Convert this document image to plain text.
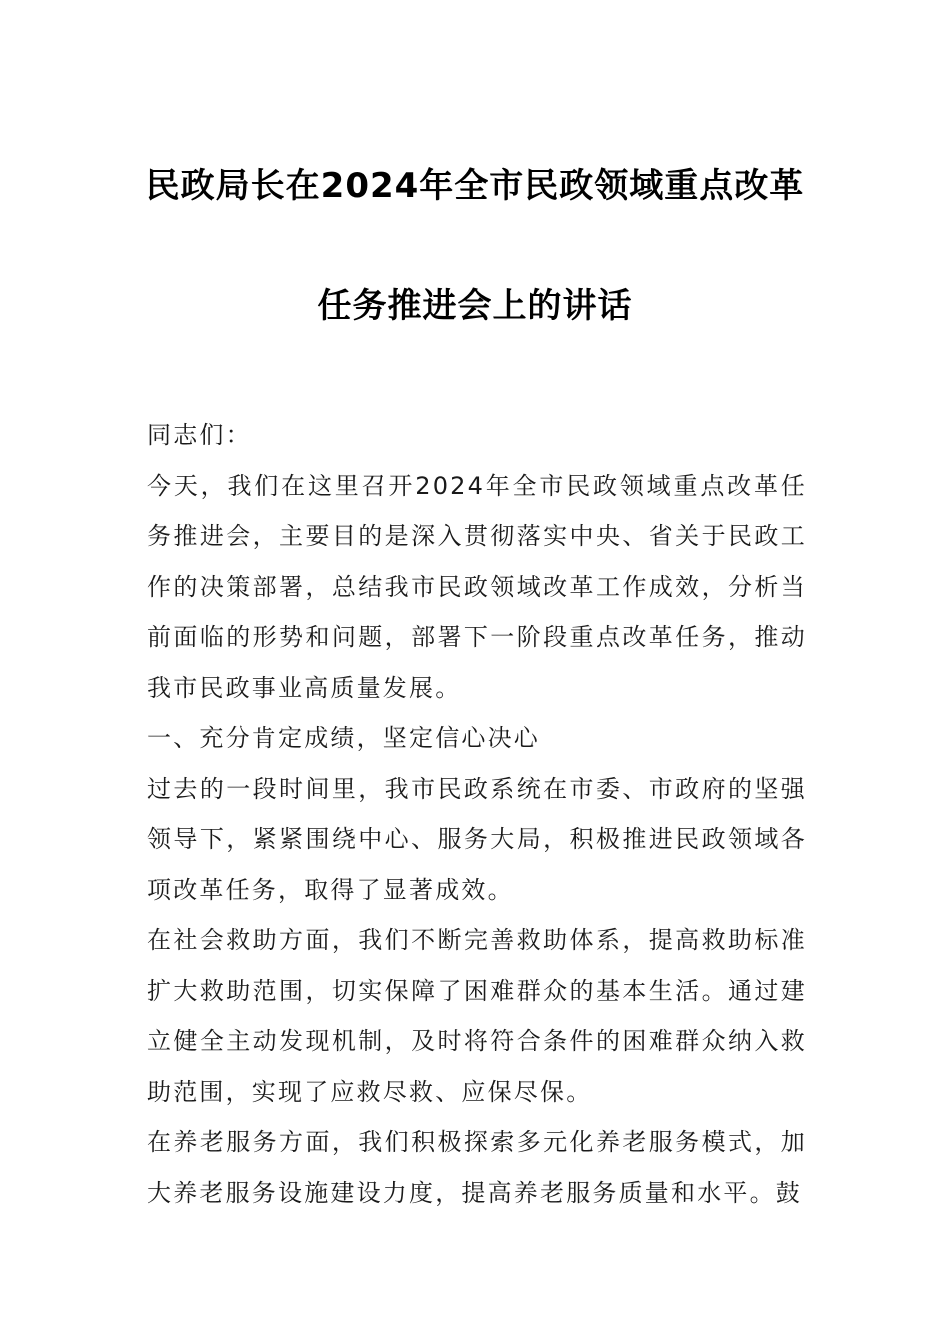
民政局长在2024年全市民政领域重点改革
任务推进会上的讲话

同志们：

今天，我们在这里召开2024年全市民政领域重点改革任务推进会，主要目的是深入贯彻落实中央、省关于民政工作的决策部署，总结我市民政领域改革工作成效，分析当前面临的形势和问题，部署下一阶段重点改革任务，推动我市民政事业高质量发展。

一、充分肯定成绩，坚定信心决心

过去的一段时间里，我市民政系统在市委、市政府的坚强领导下，紧紧围绕中心、服务大局，积极推进民政领域各项改革任务，取得了显著成效。

在社会救助方面，我们不断完善救助体系，提高救助标准扩大救助范围，切实保障了困难群众的基本生活。通过建立健全主动发现机制，及时将符合条件的困难群众纳入救助范围，实现了应救尽救、应保尽保。

在养老服务方面，我们积极探索多元化养老服务模式，加大养老服务设施建设力度，提高养老服务质量和水平。鼓
